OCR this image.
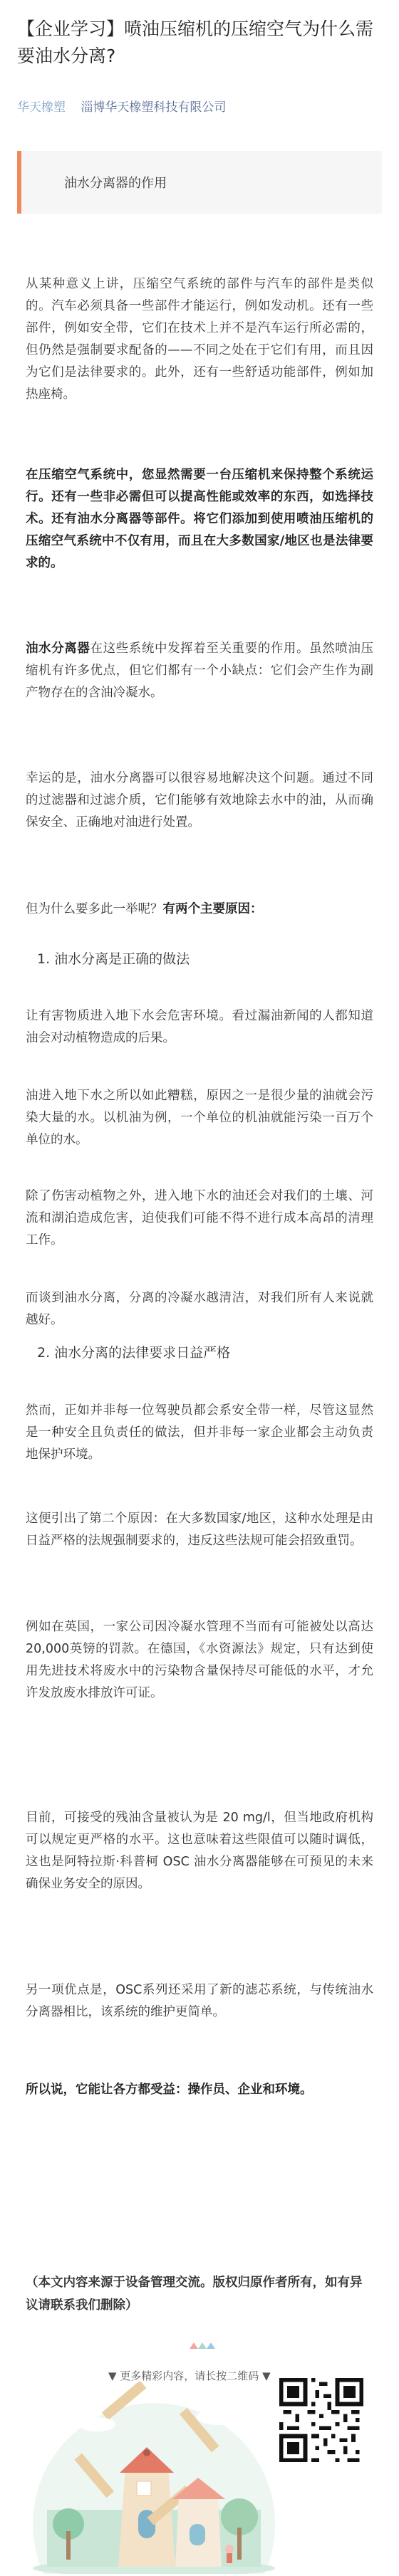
【企业学习】喷油压缩机的压缩空气为什么需要油水分离?
华天橡塑 淄博华天橡塑科技有限公司
油水分离器的作用
从某种意义上讲，压缩空气系统的部件与汽车的部件是类似的。汽车必须具备一些部件才能运行，例如发动机。还有一些部件，例如安全带，它们在技术上并不是汽车运行所必需的，但仍然是强制要求配备的——不同之处在于它们有用，而且因为它们是法律要求的。此外，还有一些舒适功能部件，例如加热座椅。
在压缩空气系统中，您显然需要一台压缩机来保持整个系统运行。还有一些非必需但可以提高性能或效率的东西，如选择技术。还有油水分离器等部件。将它们添加到使用喷油压缩机的压缩空气系统中不仅有用，而且在大多数国家/地区也是法律要求的。
油水分离器在这些系统中发挥着至关重要的作用。虽然喷油压缩机有许多优点，但它们都有一个小缺点：它们会产生作为副产物存在的含油冷凝水。
幸运的是，油水分离器可以很容易地解决这个问题。通过不同的过滤器和过滤介质，它们能够有效地除去水中的油，从而确保安全、正确地对油进行处置。
但为什么要多此一举呢？有两个主要原因：
1. 油水分离是正确的做法
让有害物质进入地下水会危害环境。看过漏油新闻的人都知道油会对动植物造成的后果。
油进入地下水之所以如此糟糕，原因之一是很少量的油就会污染大量的水。以机油为例，一个单位的机油就能污染一百万个单位的水。
除了伤害动植物之外，进入地下水的油还会对我们的土壤、河流和湖泊造成危害，迫使我们可能不得不进行成本高昂的清理工作。
而谈到油水分离，分离的冷凝水越清洁，对我们所有人来说就越好。
2. 油水分离的法律要求日益严格
然而，正如并非每一位驾驶员都会系安全带一样，尽管这显然是一种安全且负责任的做法，但并非每一家企业都会主动负责地保护环境。
这便引出了第二个原因：在大多数国家/地区，这种水处理是由日益严格的法规强制要求的，违反这些法规可能会招致重罚。
例如在英国，一家公司因冷凝水管理不当而有可能被处以高达20,000英镑的罚款。在德国，《水资源法》规定，只有达到使用先进技术将废水中的污染物含量保持尽可能低的水平，才允许发放废水排放许可证。
目前，可接受的残油含量被认为是 20 mg/l，但当地政府机构可以规定更严格的水平。这也意味着这些限值可以随时调低，这也是阿特拉斯·科普柯 OSC 油水分离器能够在可预见的未来确保业务安全的原因。
另一项优点是，OSC系列还采用了新的滤芯系统，与传统油水分离器相比，该系统的维护更简单。
所以说，它能让各方都受益：操作员、企业和环境。
（本文内容来源于设备管理交流。版权归原作者所有，如有异议请联系我们删除）
▼ 更多精彩内容，请长按二维码 ▼
